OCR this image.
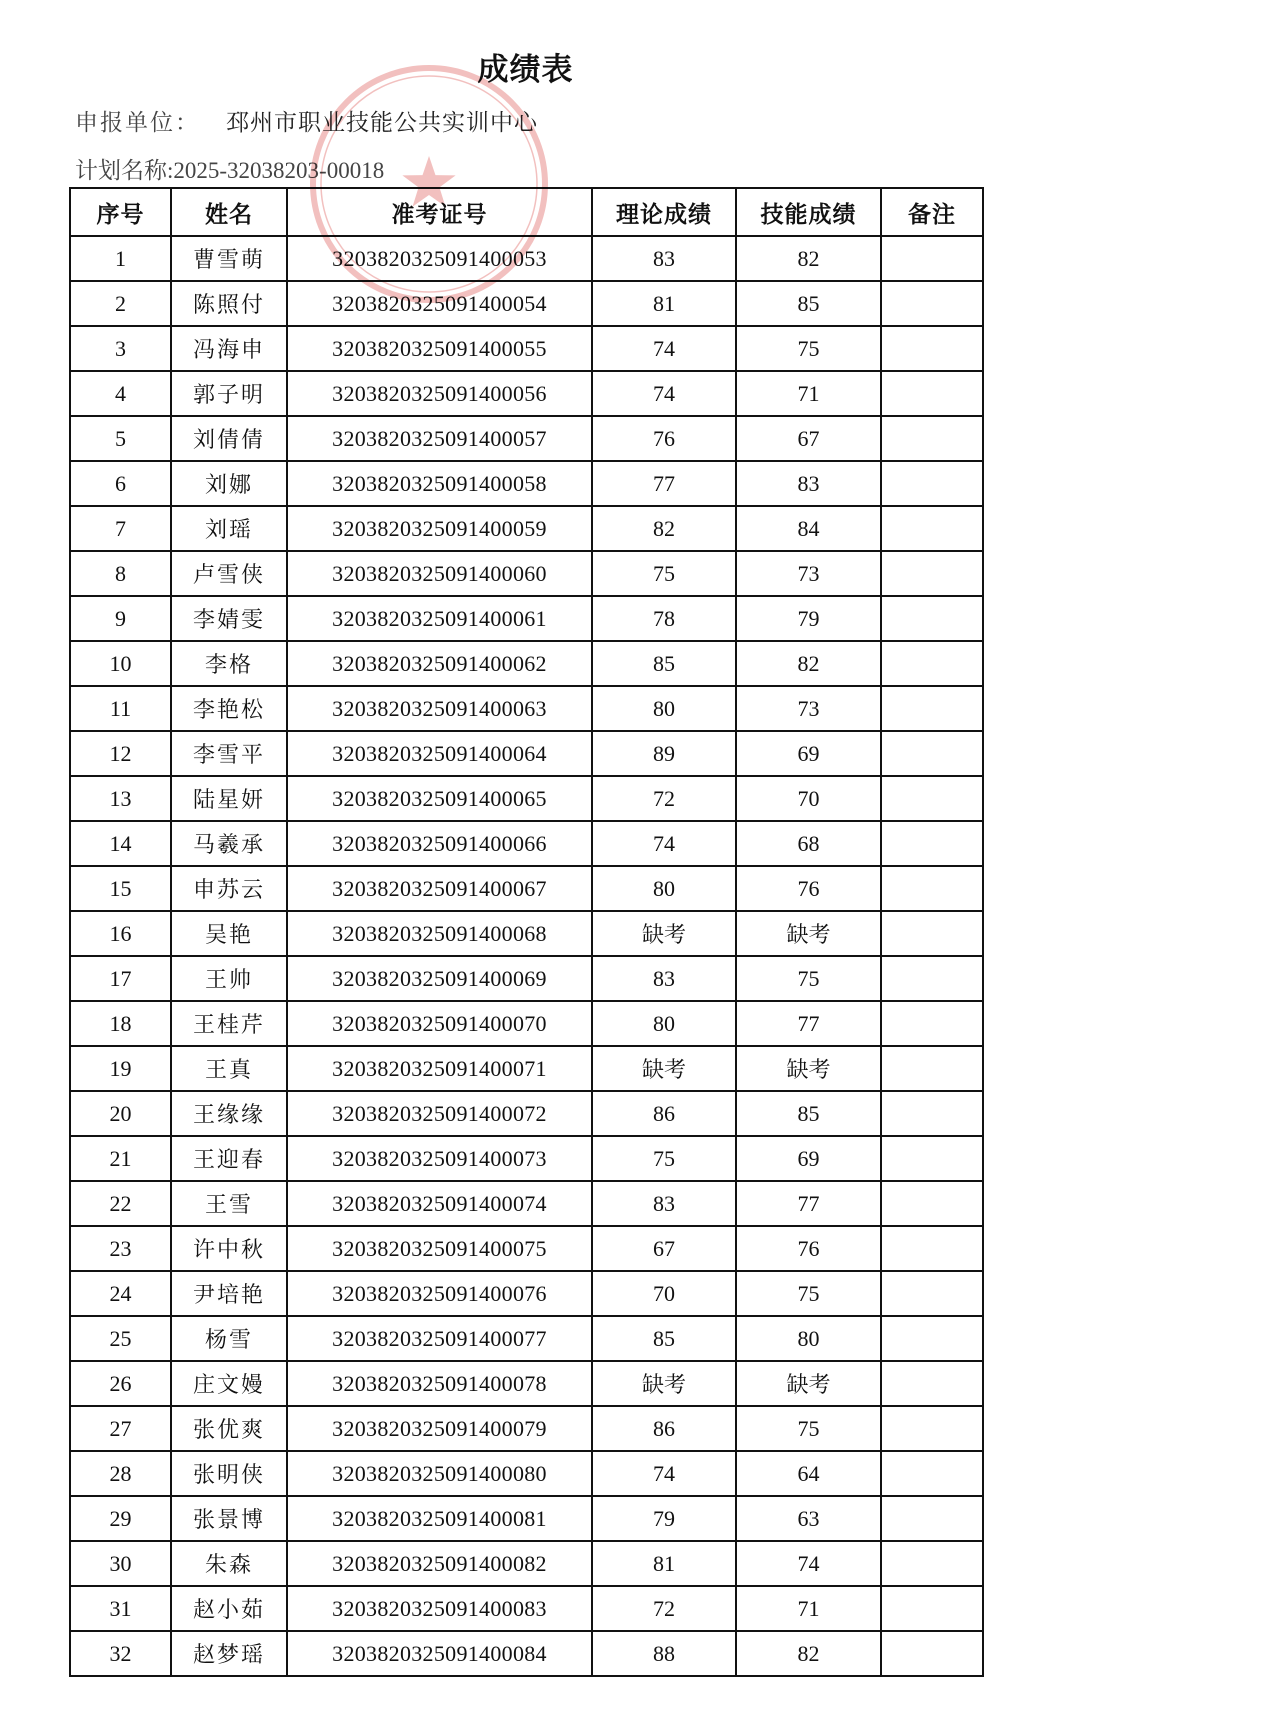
成绩表
申报单位： 邳州市职业技能公共实训中心
计划名称:2025-32038203-00018
序号	姓名	准考证号	理论成绩	技能成绩	备注
1	曹雪萌	3203820325091400053	83	82	
2	陈照付	3203820325091400054	81	85	
3	冯海申	3203820325091400055	74	75	
4	郭子明	3203820325091400056	74	71	
5	刘倩倩	3203820325091400057	76	67	
6	刘娜	3203820325091400058	77	83	
7	刘瑶	3203820325091400059	82	84	
8	卢雪侠	3203820325091400060	75	73	
9	李婧雯	3203820325091400061	78	79	
10	李格	3203820325091400062	85	82	
11	李艳松	3203820325091400063	80	73	
12	李雪平	3203820325091400064	89	69	
13	陆星妍	3203820325091400065	72	70	
14	马羲承	3203820325091400066	74	68	
15	申苏云	3203820325091400067	80	76	
16	吴艳	3203820325091400068	缺考	缺考	
17	王帅	3203820325091400069	83	75	
18	王桂芹	3203820325091400070	80	77	
19	王真	3203820325091400071	缺考	缺考	
20	王缘缘	3203820325091400072	86	85	
21	王迎春	3203820325091400073	75	69	
22	王雪	3203820325091400074	83	77	
23	许中秋	3203820325091400075	67	76	
24	尹培艳	3203820325091400076	70	75	
25	杨雪	3203820325091400077	85	80	
26	庄文嫚	3203820325091400078	缺考	缺考	
27	张优爽	3203820325091400079	86	75	
28	张明侠	3203820325091400080	74	64	
29	张景博	3203820325091400081	79	63	
30	朱森	3203820325091400082	81	74	
31	赵小茹	3203820325091400083	72	71	
32	赵梦瑶	3203820325091400084	88	82	
